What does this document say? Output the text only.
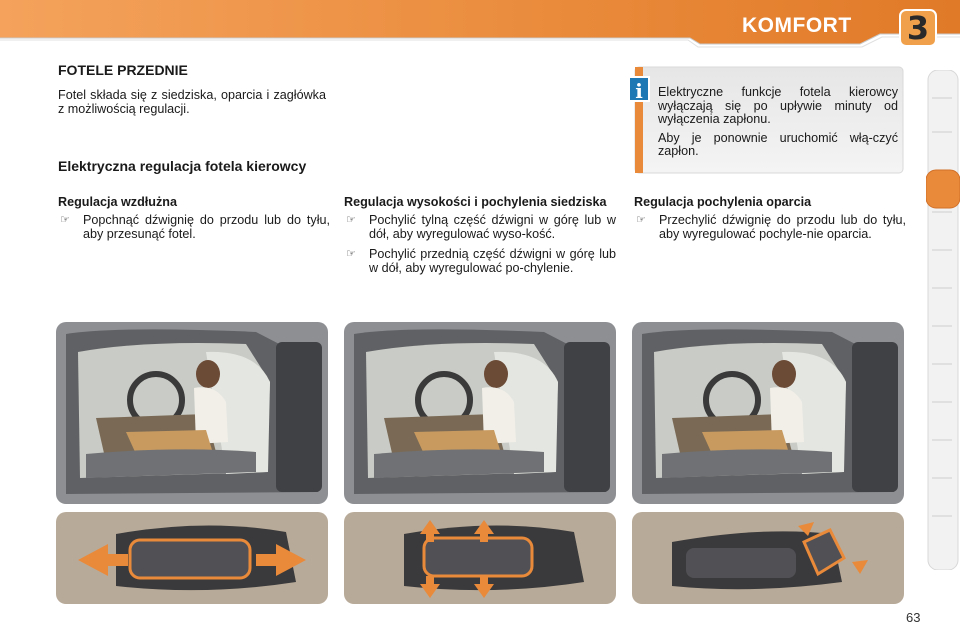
KOMFORT 3
FOTELE PRZEDNIE
Fotel składa się z siedziska, oparcia i zagłówka z możliwością regulacji.
Elektryczna regulacja fotela kierowcy
i	Elektryczne funkcje fotela kierowcy wyłączają się po upływie minuty od wyłączenia zapłonu.

Aby je ponownie uruchomić włą-czyć zapłon.

Regulacja wzdłużna
☞ Popchnąć dźwignię do przodu lub do tyłu, aby przesunąć fotel.
Regulacja wysokości i pochylenia siedziska
☞ Pochylić tylną część dźwigni w górę lub w dół, aby wyregulować wyso-kość.
☞ Pochylić przednią część dźwigni w górę lub w dół, aby wyregulować po-chylenie.
Regulacja pochylenia oparcia
☞ Przechylić dźwignię do przodu lub do tyłu, aby wyregulować pochyle-nie oparcia.
63
